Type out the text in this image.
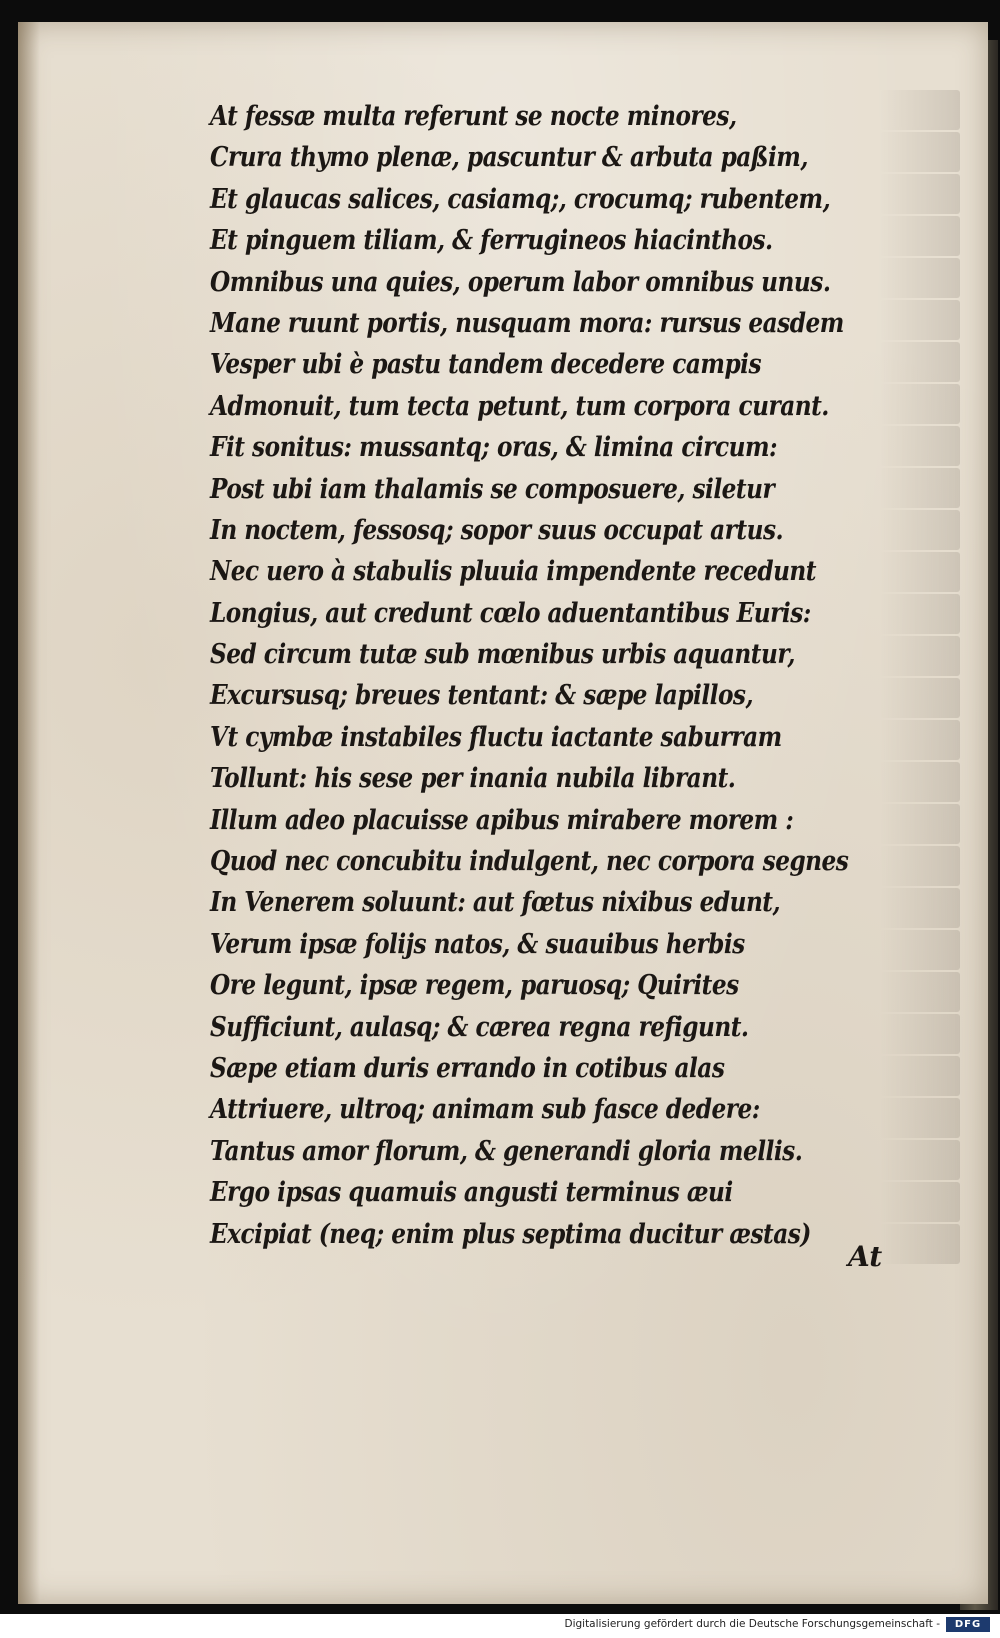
At fessæ multa referunt se nocte minores,
Crura thymo plenæ, pascuntur & arbuta paßim,
Et glaucas salices, casiamq;, crocumq; rubentem,
Et pinguem tiliam, & ferrugineos hiacinthos.
Omnibus una quies, operum labor omnibus unus.
Mane ruunt portis, nusquam mora: rursus easdem
Vesper ubi è pastu tandem decedere campis
Admonuit, tum tecta petunt, tum corpora curant.
Fit sonitus: mussantq; oras, & limina circum:
Post ubi iam thalamis se composuere, siletur
In noctem, fessosq; sopor suus occupat artus.
Nec uero à stabulis pluuia impendente recedunt
Longius, aut credunt cœlo aduentantibus Euris:
Sed circum tutæ sub mœnibus urbis aquantur,
Excursusq; breues tentant: & sæpe lapillos,
Vt cymbæ instabiles fluctu iactante saburram
Tollunt: his sese per inania nubila librant.
Illum adeo placuisse apibus mirabere morem :
Quod nec concubitu indulgent, nec corpora segnes
In Venerem soluunt: aut fœtus nixibus edunt,
Verum ipsæ folijs natos, & suauibus herbis
Ore legunt, ipsæ regem, paruosq; Quirites
Sufficiunt, aulasq; & cærea regna refigunt.
Sæpe etiam duris errando in cotibus alas
Attriuere, ultroq; animam sub fasce dedere:
Tantus amor florum, & generandi gloria mellis.
Ergo ipsas quamuis angusti terminus æui
Excipiat (neq; enim plus septima ducitur æstas)
At
Digitalisierung gefördert durch die Deutsche Forschungsgemeinschaft -	DFG
